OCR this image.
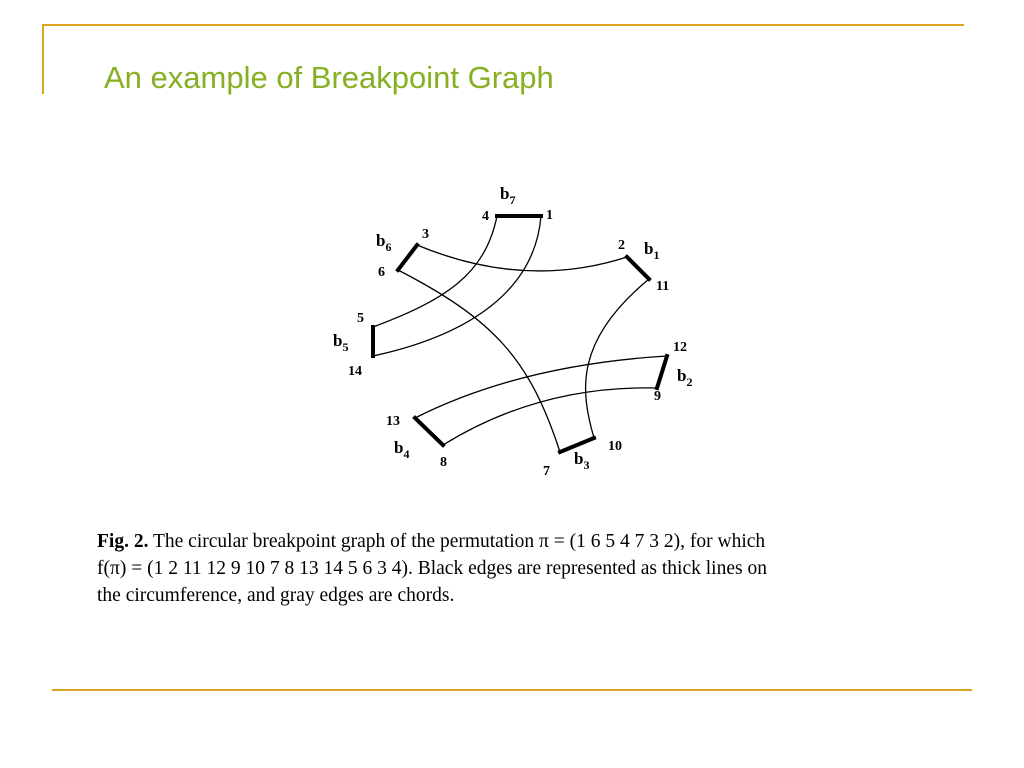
An example of Breakpoint Graph
1
2
3
4
5
6
7
8
9
10
11
12
13
14
$b_7$
$b_1$
$b_2$
$b_3$
$b_4$
$b_5$
$b_6$

Fig. 2. The circular breakpoint graph of the permutation π = (1 6 5 4 7 3 2), for which

f(π) = (1 2 11 12 9 10 7 8 13 14 5 6 3 4). Black edges are represented as thick lines on

the circumference, and gray edges are chords.
